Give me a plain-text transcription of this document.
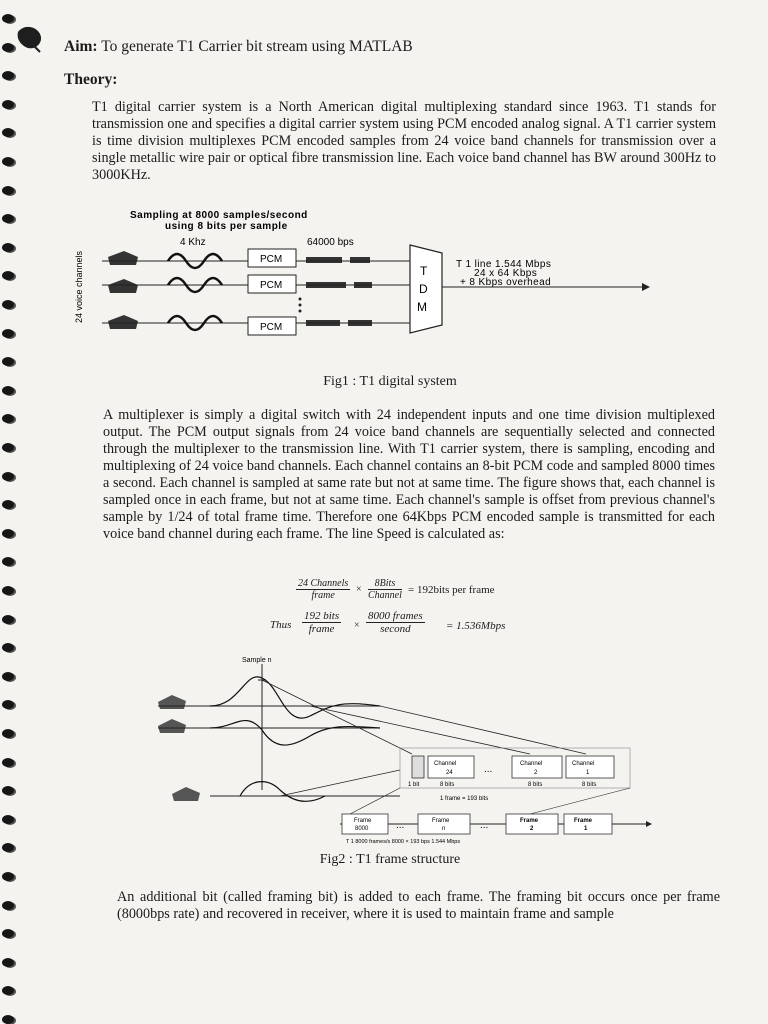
Aim: To generate T1 Carrier bit stream using MATLAB

Theory:

T1 digital carrier system is a North American digital multiplexing standard since 1963. T1 stands for transmission one and specifies a digital carrier system using PCM encoded analog signal. A T1 carrier system is time division multiplexes PCM encoded samples from 24 voice band channels for transmission over a single metallic wire pair or optical fibre transmission line. Each voice band channel has BW around 300Hz to 3000KHz.

Sampling at 8000 samples/second
using 8 bits per sample
4 Khz	64000 bps
24 voice channels	PCM
PCM
PCM
T
D
M
T 1 line 1.544 Mbps
24 x 64 Kbps
+ 8 Kbps overhead

Fig1 : T1 digital system

A multiplexer is simply a digital switch with 24 independent inputs and one time division multiplexed output. The PCM output signals from 24 voice band channels are sequentially selected and connected through the multiplexer to the transmission line. With T1 carrier system, there is sampling, encoding and multiplexing of 24 voice band channels. Each channel contains an 8-bit PCM code and sampled 8000 times a second. Each channel is sampled at same rate but not at same time. The figure shows that, each channel is sampled once in each frame, but not at same time. Each channel's sample is offset from previous channel's sample by 1/24 of total frame time. Therefore one 64Kbps PCM encoded sample is transmitted for each voice band channel during each frame. The line Speed is calculated as:

24 Channels
frame
×
8Bits
Channel = 192bits per frame
Thus
192 bits
frame	×
8000 frames
second	= 1.536Mbps
Sample n
Channel
24	...	Channel
2
Channel
1
1 bit	8 bits	8 bits	8 bits
1 frame = 193 bits
Frame
8000	...	Frame
n	...	Frame
2
Frame
1
T 1 8000 frames/s 8000 × 193 bps 1.544 Mbps

Fig2 : T1 frame structure

An additional bit (called framing bit) is added to each frame. The framing bit occurs once per frame (8000bps rate) and recovered in receiver, where it is used to maintain frame and sample
